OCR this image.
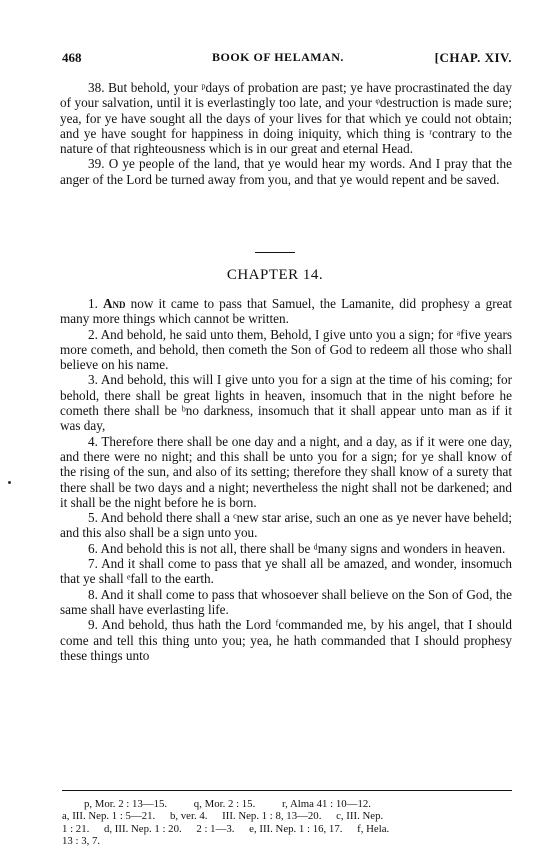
468	BOOK OF HELAMAN.	[CHAP. XIV.

38. But behold, your ᵖdays of probation are past; ye have procrastinated the day of your salvation, until it is everlastingly too late, and your ᵠdestruction is made sure; yea, for ye have sought all the days of your lives for that which ye could not obtain; and ye have sought for happiness in doing iniquity, which thing is ʳcontrary to the nature of that righteousness which is in our great and eternal Head.

39. O ye people of the land, that ye would hear my words. And I pray that the anger of the Lord be turned away from you, and that ye would repent and be saved.

CHAPTER 14.

1. And now it came to pass that Samuel, the Lamanite, did prophesy a great many more things which cannot be written.

2. And behold, he said unto them, Behold, I give unto you a sign; for ᵃfive years more cometh, and behold, then cometh the Son of God to redeem all those who shall believe on his name.

3. And behold, this will I give unto you for a sign at the time of his coming; for behold, there shall be great lights in heaven, insomuch that in the night before he cometh there shall be ᵇno darkness, insomuch that it shall appear unto man as if it was day,

4. Therefore there shall be one day and a night, and a day, as if it were one day, and there were no night; and this shall be unto you for a sign; for ye shall know of the rising of the sun, and also of its setting; therefore they shall know of a surety that there shall be two days and a night; nevertheless the night shall not be darkened; and it shall be the night before he is born.

5. And behold there shall a ᶜnew star arise, such an one as ye never have beheld; and this also shall be a sign unto you.

6. And behold this is not all, there shall be ᵈmany signs and wonders in heaven.

7. And it shall come to pass that ye shall all be amazed, and wonder, insomuch that ye shall ᵉfall to the earth.

8. And it shall come to pass that whosoever shall believe on the Son of God, the same shall have everlasting life.

9. And behold, thus hath the Lord ᶠcommanded me, by his angel, that I should come and tell this thing unto you; yea, he hath commanded that I should prophesy these things unto

p, Mor. 2 : 13—15. q, Mor. 2 : 15. r, Alma 41 : 10—12.
a, III. Nep. 1 : 5—21. b, ver. 4. III. Nep. 1 : 8, 13—20. c, III. Nep.
1 : 21. d, III. Nep. 1 : 20. 2 : 1—3. e, III. Nep. 1 : 16, 17. f, Hela.
13 : 3, 7.
